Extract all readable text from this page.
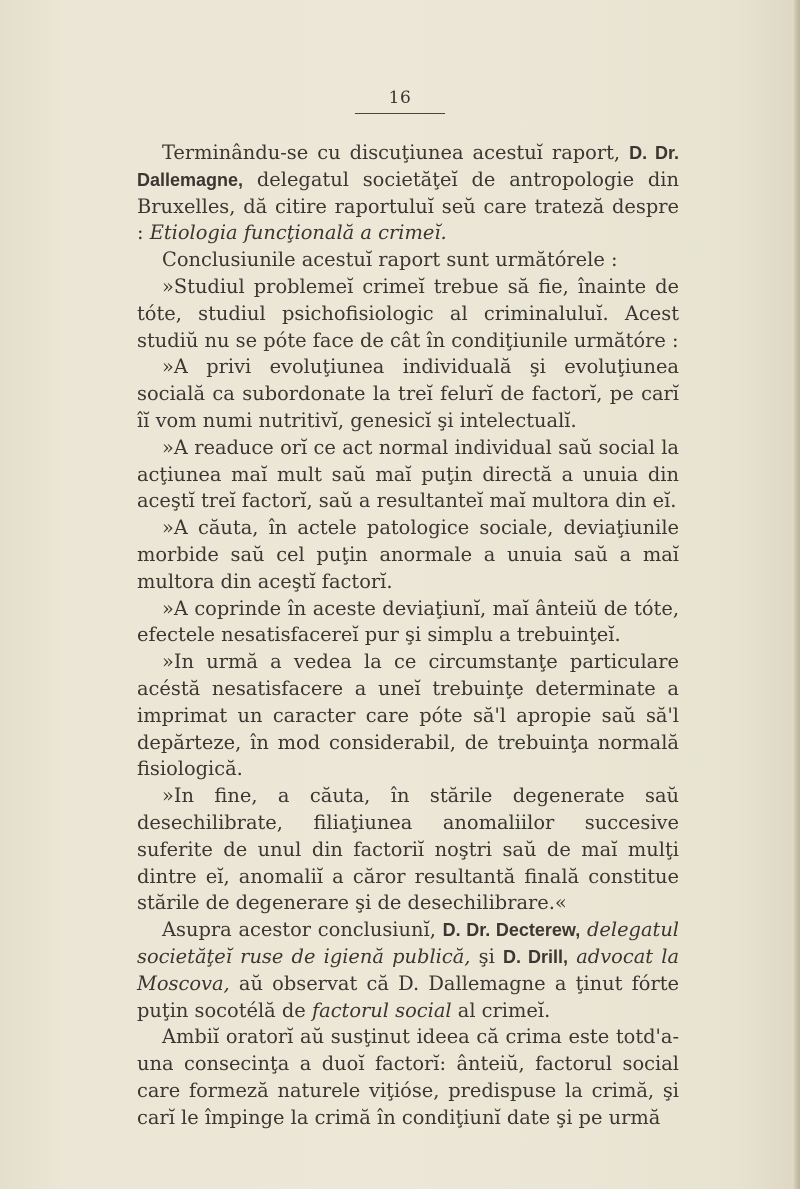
16

Terminându-se cu discuţiunea acestuĭ raport, D. Dr. Dallemagne, delegatul societăţeĭ de antropologie din Bruxelles, dă citire raportuluĭ seŭ care trateză despre : Etiologia funcţională a crimeĭ.

Conclusiunile acestuĭ raport sunt următórele :

»Studiul problemeĭ crimeĭ trebue să fie, înainte de tóte, studiul psichofisiologic al criminaluluĭ. Acest studiŭ nu se póte face de cât în condiţiunile următóre :

»A privi evoluţiunea individuală şi evoluţiunea socială ca subordonate la treĭ felurĭ de factorĭ, pe carĭ îĭ vom numi nutritivĭ, genesicĭ şi intelectualĭ.

»A readuce orĭ ce act normal individual saŭ social la acţiunea maĭ mult saŭ maĭ puţin directă a unuia din aceştĭ treĭ factorĭ, saŭ a resultanteĭ maĭ multora din eĭ.

»A căuta, în actele patologice sociale, deviaţiunile morbide saŭ cel puţin anormale a unuia saŭ a maĭ multora din aceştĭ factorĭ.

»A coprinde în aceste deviaţiunĭ, maĭ ânteiŭ de tóte, efectele nesatisfacereĭ pur şi simplu a trebuinţeĭ.

»In urmă a vedea la ce circumstanţe particulare acéstă nesatisfacere a uneĭ trebuinţe determinate a imprimat un caracter care póte să'l apropie saŭ să'l depărteze, în mod considerabil, de trebuinţa normală fisiologică.

»In fine, a căuta, în stările degenerate saŭ desechilibrate, filiaţiunea anomaliilor succesive suferite de unul din factoriĭ noştri saŭ de maĭ mulţi dintre eĭ, anomaliĭ a căror resultantă finală constitue stările de degenerare şi de desechilibrare.«

Asupra acestor conclusiunĭ, D. Dr. Decterew, delegatul societăţeĭ ruse de igienă publică, şi D. Drill, advocat la Moscova, aŭ observat că D. Dallemagne a ţinut fórte puţin socotélă de factorul social al crimeĭ.

Ambiĭ oratorĭ aŭ susţinut ideea că crima este totd'a-una consecinţa a duoĭ factorĭ: ânteiŭ, factorul social care formeză naturele viţióse, predispuse la crimă, şi carĭ le împinge la crimă în condiţiunĭ date şi pe urmă
